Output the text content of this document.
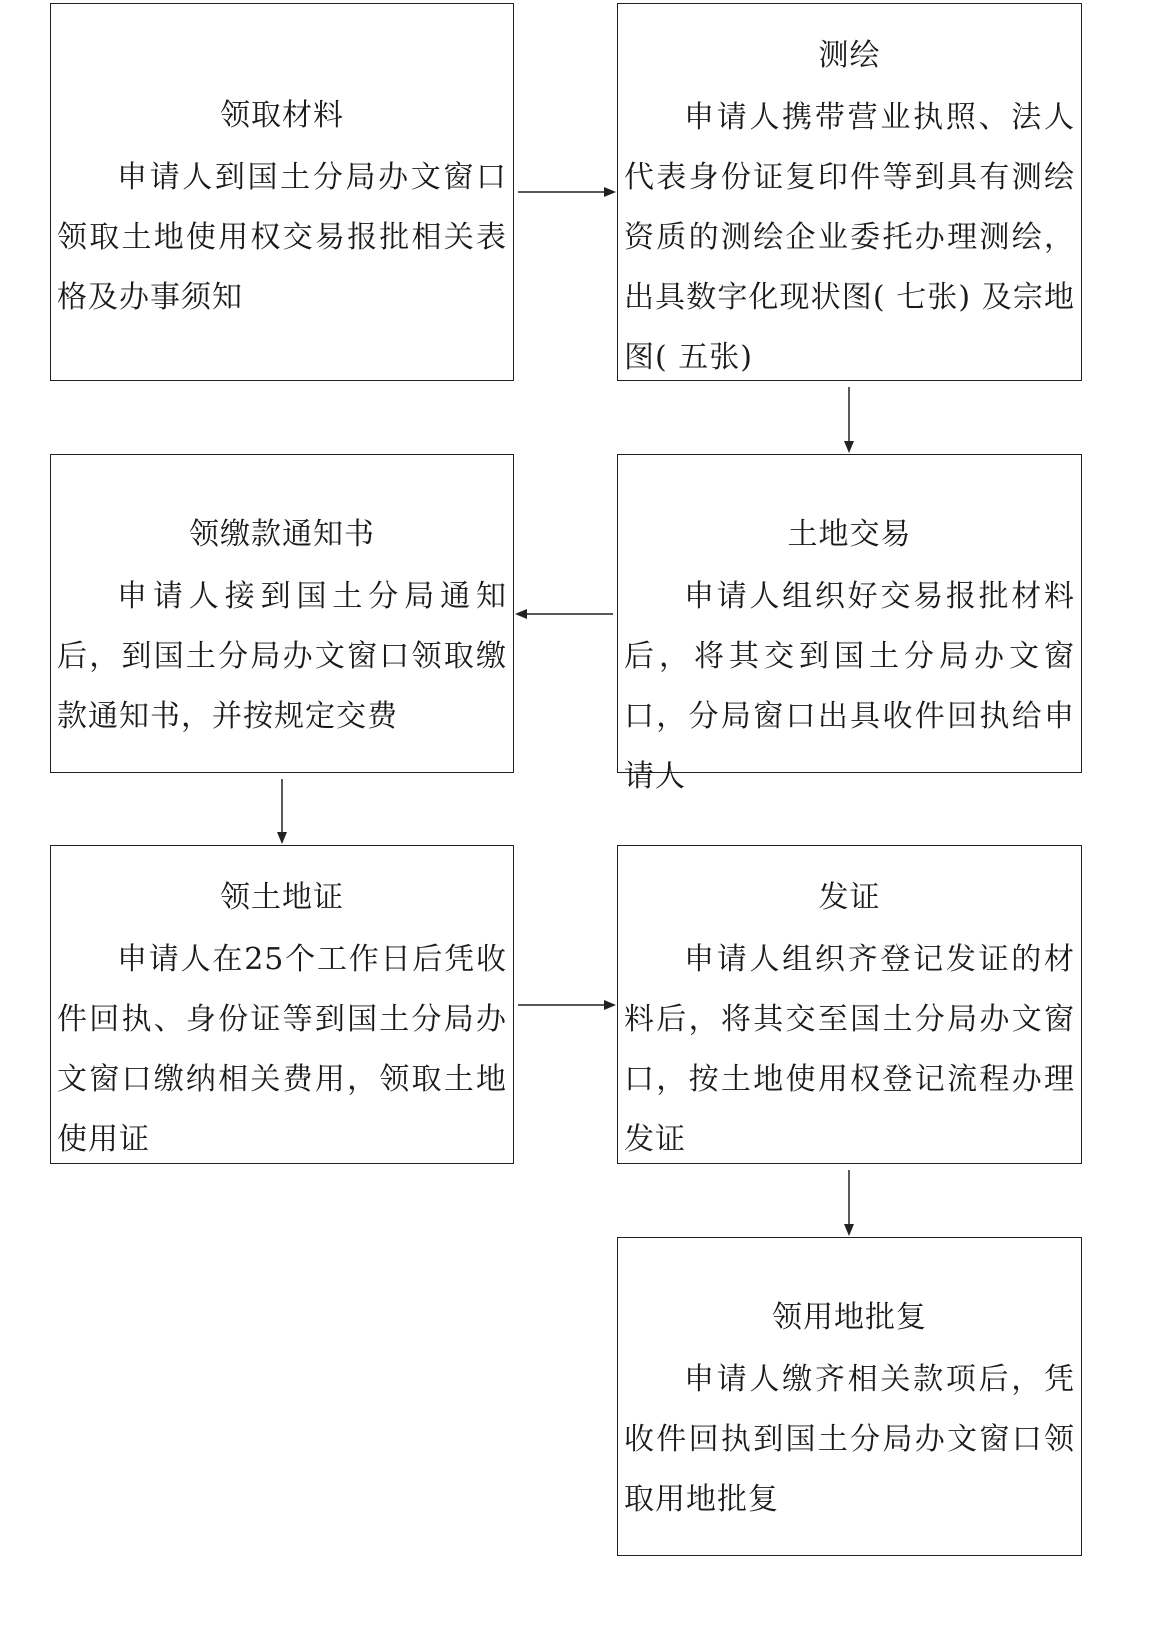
领取材料

申请人到国土分局办文窗口领取土地使用权交易报批相关表格及办事须知

测绘

申请人携带营业执照、法人代表身份证复印件等到具有测绘资质的测绘企业委托办理测绘，出具数字化现状图( 七张) 及宗地图( 五张)

领缴款通知书

申请人接到国土分局通知后，到国土分局办文窗口领取缴款通知书，并按规定交费

土地交易

申请人组织好交易报批材料后，将其交到国土分局办文窗口，分局窗口出具收件回执给申请人

领土地证

申请人在25个工作日后凭收件回执、身份证等到国土分局办文窗口缴纳相关费用，领取土地使用证

发证

申请人组织齐登记发证的材料后，将其交至国土分局办文窗口，按土地使用权登记流程办理发证

领用地批复

申请人缴齐相关款项后，凭收件回执到国土分局办文窗口领取用地批复
